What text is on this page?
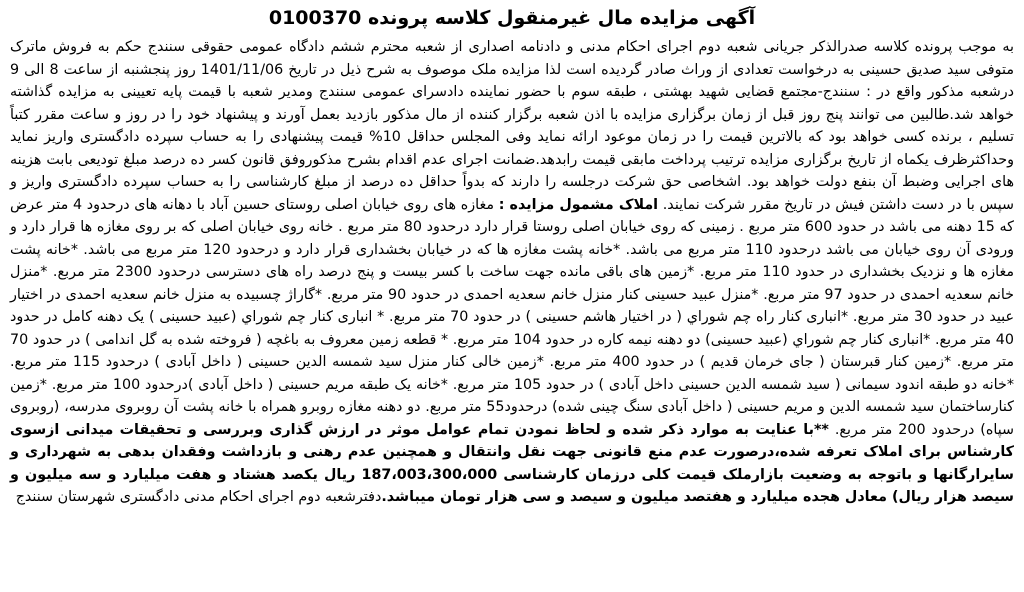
آگهی مزایده مال غیرمنقول کلاسه پرونده 0100370
به موجب پرونده کلاسه صدرالذکر جریانی شعبه دوم اجرای احکام مدنی و دادنامه اصداری از شعبه محترم ششم دادگاه عمومی حقوقی سنندج حکم به فروش ماترک متوفی سید صدیق حسینی به درخواست تعدادی از وراث صادر گردیده است لذا مزایده ملک موصوف به شرح ذیل در تاریخ 1401/11/06 روز پنجشنبه از ساعت 8 الی 9 درشعبه مذکور واقع در : سنندج-مجتمع قضایی شهید بهشتی ، طبقه سوم با حضور نماینده دادسرای عمومی سنندج ومدیر شعبه با قیمت پایه تعیینی به مزایده گذاشته خواهد شد.طالبین می توانند پنج روز قبل از زمان برگزاری مزایده با اذن شعبه برگزار کننده از مال مذکور بازدید بعمل آورند و پیشنهاد خود را در روز و ساعت مقرر کتباً تسلیم ، برنده کسی خواهد بود که بالاترین قیمت را در زمان موعود ارائه نماید وفی المجلس حداقل 10% قیمت پیشنهادی را به حساب سپرده دادگستری واریز نماید وحداکثرظرف یکماه از تاریخ برگزاری مزایده ترتیب پرداخت مابقی قیمت رابدهد.ضمانت اجرای عدم اقدام بشرح مذکوروفق قانون کسر ده درصد مبلغ تودیعی بابت هزینه های اجرایی وضبط آن بنفع دولت خواهد بود. اشخاصی حق شرکت درجلسه را دارند که بدواً حداقل ده درصد از مبلغ کارشناسی را به حساب سپرده دادگستری واریز و سپس با در دست داشتن فیش در تاریخ مقرر شرکت نمایند. املاک مشمول مزایده : مغازه های روی خیابان اصلی روستای حسین آباد با دهانه های درحدود 4 متر عرض که 15 دهنه می باشد در حدود 600 متر مربع . زمینی که روی خیابان اصلی روستا قرار دارد درحدود 80 متر مربع . خانه روی خیابان اصلی که بر روی مغازه ها قرار دارد و ورودی آن روی خیابان می باشد درحدود 110 متر مربع می باشد. *خانه پشت مغازه ها که در خیابان بخشداری قرار دارد و درحدود 120 متر مربع می باشد. *خانه پشت مغازه ها و نزدیک بخشداری در حدود 110 متر مربع. *زمین های باقی مانده جهت ساخت با کسر بیست و پنج درصد راه های دسترسی درحدود 2300 متر مربع. *منزل خانم سعدیه احمدی در حدود 97 متر مربع. *منزل عبید حسینی کنار منزل خانم سعدیه احمدی در حدود 90 متر مربع. *گاراژ چسبیده به منزل خانم سعدیه احمدی در اختیار عبید در حدود 30 متر مربع. *انباری کنار راه چم شوراي ( در اختیار هاشم حسینی ) در حدود 70 متر مربع. * انباری کنار چم شوراي (عبید حسینی ) یک دهنه کامل در حدود 40 متر مربع. *انباری کنار چم شوراي (عبید حسینی) دو دهنه نیمه کاره در حدود 104 متر مربع. * قطعه زمین معروف به باغچه ( فروخته شده به گل اندامی ) در حدود 70 متر مربع. *زمین کنار قبرستان ( جای خرمان قدیم ) در حدود 400 متر مربع. *زمین خالی کنار منزل سید شمسه الدین حسینی ( داخل آبادی ) درحدود 115 متر مربع. *خانه دو طبقه اندود سیمانی ( سید شمسه الدین حسینی داخل آبادی ) در حدود 105 متر مربع. *خانه یک طبقه مریم حسینی ( داخل آبادی )درحدود 100 متر مربع. *زمین کنارساختمان سید شمسه الدین و مریم حسینی ( داخل آبادی سنگ چینی شده) درحدود55 متر مربع. دو دهنه مغازه روبرو همراه با خانه پشت آن روبروی مدرسه، (روبروی سپاه) درحدود 200 متر مربع. **با عنایت به موارد ذکر شده و لحاظ نمودن تمام عوامل موثر در ارزش گذاری وبررسی و تحقیقات میدانی ازسوی کارشناس برای املاک تعرفه شده،درصورت عدم منع قانونی جهت نقل وانتقال و همچنین عدم رهنی و بازداشت وفقدان بدهی به شهرداری و سایرارگانها و باتوجه به وضعیت بازارملک قیمت کلی درزمان کارشناسی 187،003،300،000 ریال یکصد هشتاد و هفت میلیارد و سه میلیون و سیصد هزار ریال) معادل هجده میلیارد و هفتصد میلیون و سیصد و سی هزار تومان میباشد.دفترشعبه دوم اجرای احکام مدنی دادگستری شهرستان سنندج
